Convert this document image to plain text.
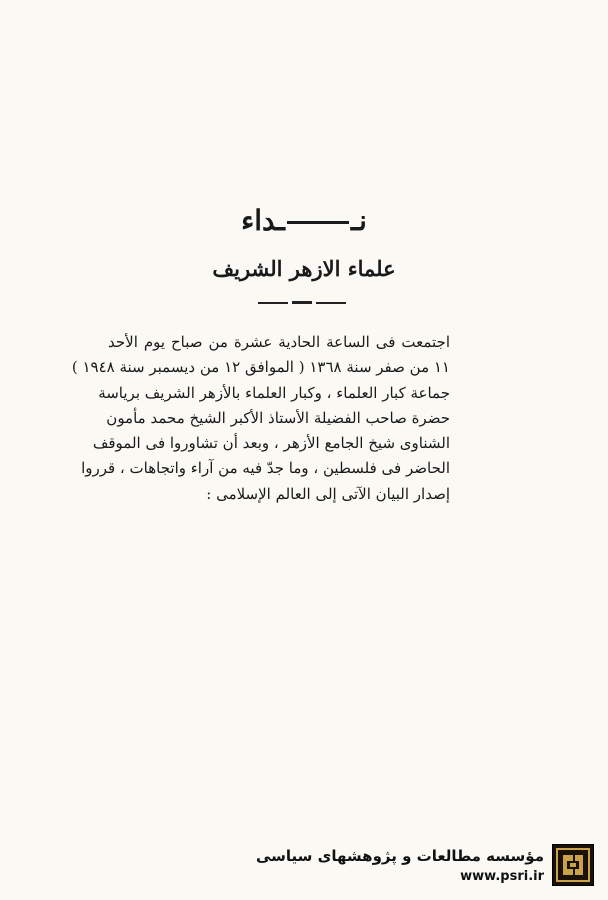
نــداء
علماء الازهر الشريف
اجتمعت فى الساعة الحادية عشرة من صباح يوم الأحد
١١ من صفر سنة ١٣٦٨ ( الموافق ١٢ من ديسمبر سنة ١٩٤٨ )
جماعة كبار العلماء ، وكبار العلماء بالأزهر الشريف برياسة
حضرة صاحب الفضيلة الأستاذ الأكبر الشيخ محمد مأمون
الشناوى شيخ الجامع الأزهر ، وبعد أن تشاوروا فى الموقف
الحاضر فى فلسطين ، وما جدّ فيه من آراء واتجاهات ، قرروا
إصدار البيان الآتى إلى العالم الإسلامى :
مؤسسه مطالعات و پژوهشهای سیاسی
www.psri.ir
